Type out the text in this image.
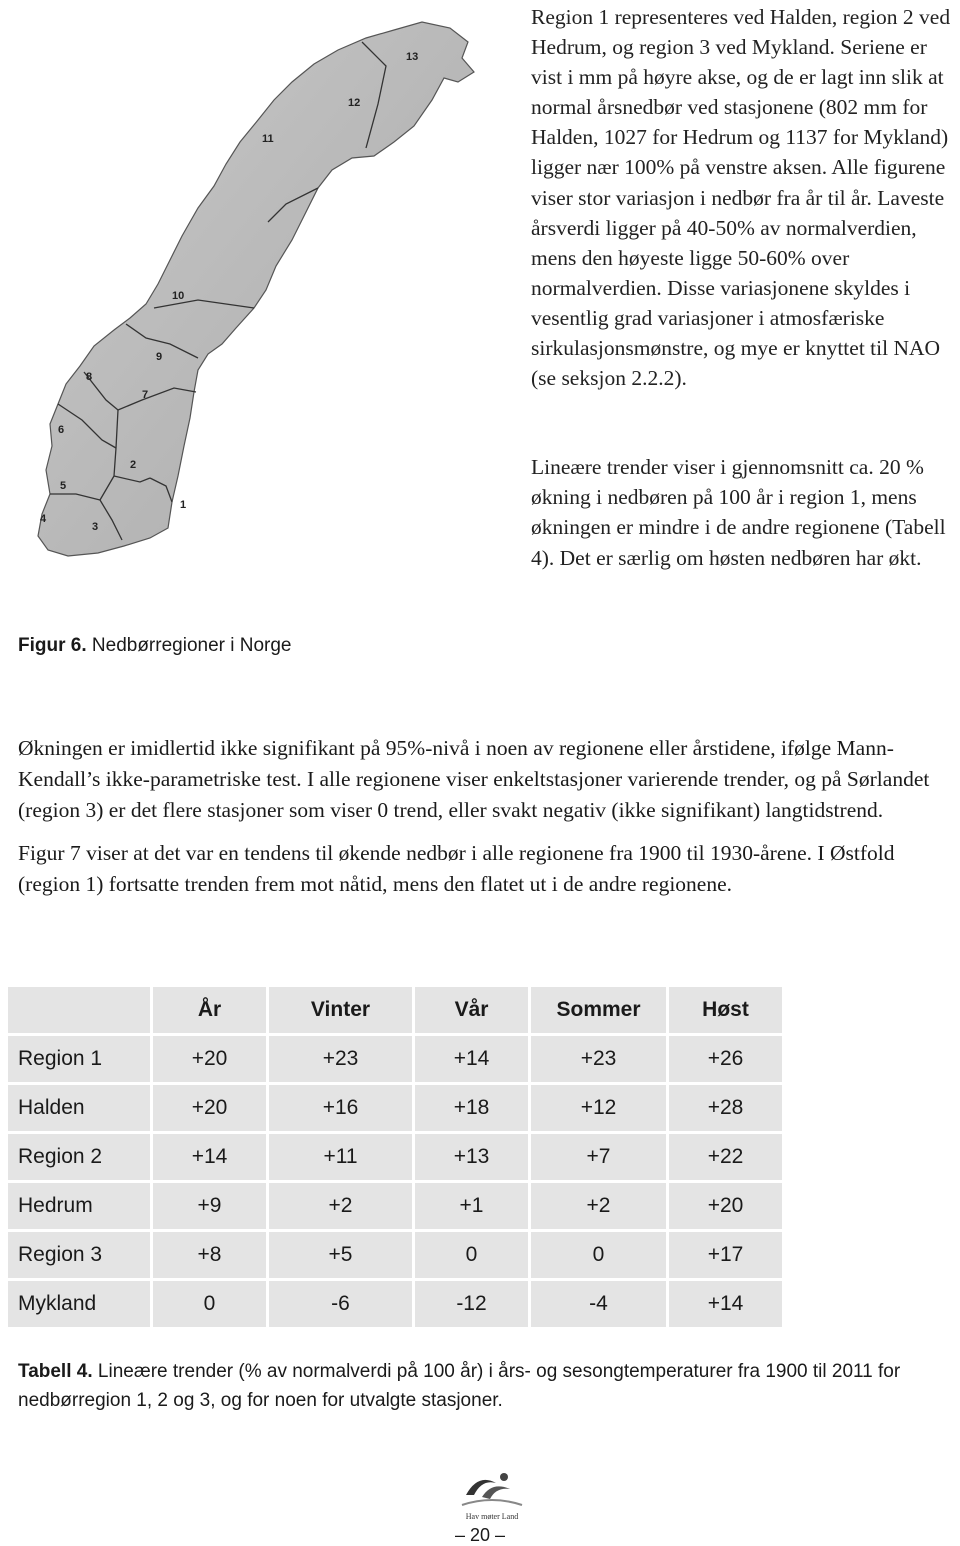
1
2
3
4
5
6
7
8
9
10
11
12
13

Region 1 representeres ved Halden, region 2 ved Hedrum, og region 3 ved Mykland. Seriene er vist i mm på høyre akse, og de er lagt inn slik at normal årsnedbør ved stasjonene (802 mm for Halden, 1027 for Hedrum og 1137 for Mykland) ligger nær 100% på venstre aksen. Alle figurene viser stor variasjon i nedbør fra år til år. Laveste årsverdi ligger på 40-50% av normalverdien, mens den høyeste ligge 50-60% over normalverdien. Disse variasjonene skyldes i vesentlig grad variasjoner i atmosfæriske sirkulasjonsmønstre, og mye er knyttet til NAO (se seksjon 2.2.2).

Lineære trender viser i gjennomsnitt ca. 20 % økning i nedbøren på 100 år i region 1, mens økningen er mindre i de andre regionene (Tabell 4). Det er særlig om høsten nedbøren har økt.

Figur 6. Nedbørregioner i Norge

Økningen er imidlertid ikke signifikant på 95%-nivå i noen av regionene eller årstidene, ifølge Mann-Kendall’s ikke-parametriske test. I alle regionene viser enkeltstasjoner varierende trender, og på Sørlandet (region 3) er det flere stasjoner som viser 0 trend, eller svakt negativ (ikke signifikant) langtidstrend.

Figur 7 viser at det var en tendens til økende nedbør i alle regionene fra 1900 til 1930-årene. I Østfold (region 1) fortsatte trenden frem mot nåtid, mens den flatet ut i de andre regionene.

	År	Vinter	Vår	Sommer	Høst
Region 1	+20	+23	+14	+23	+26
Halden	+20	+16	+18	+12	+28
Region 2	+14	+11	+13	+7	+22
Hedrum	+9	+2	+1	+2	+20
Region 3	+8	+5	0	0	+17
Mykland	0	-6	-12	-4	+14
Tabell 4. Lineære trender (% av normalverdi på 100 år) i års- og sesongtemperaturer fra 1900 til 2011 for nedbørregion 1, 2 og 3, og for noen for utvalgte stasjoner.
Hav møter Land
– 20 –
